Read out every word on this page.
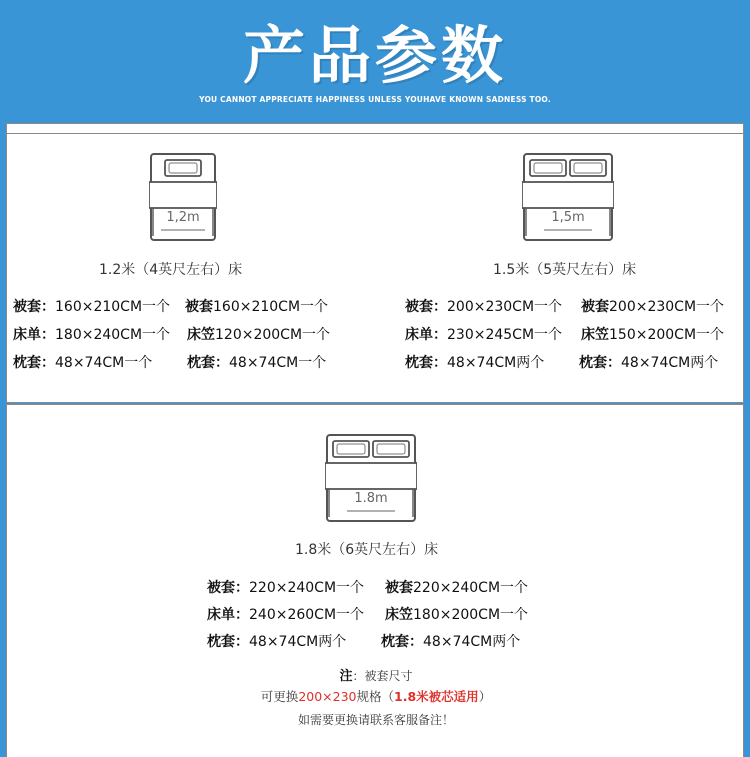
产品参数
YOU CANNOT APPRECIATE HAPPINESS UNLESS YOUHAVE KNOWN SADNESS TOO.
1,2m
1.2米（4英尺左右）床
被套：160×210CM一个 被套160×210CM一个
床单：180×240CM一个 床笠120×200CM一个
枕套：48×74CM一个 枕套：48×74CM一个
1,5m
1.5米（5英尺左右）床
被套：200×230CM一个 被套200×230CM一个
床单：230×245CM一个 床笠150×200CM一个
枕套：48×74CM两个 枕套：48×74CM两个
1.8m
1.8米（6英尺左右）床
被套：220×240CM一个 被套220×240CM一个
床单：240×260CM一个 床笠180×200CM一个
枕套：48×74CM两个 枕套：48×74CM两个
注：被套尺寸
可更换200×230规格（1.8米被芯适用）
如需要更换请联系客服备注！
